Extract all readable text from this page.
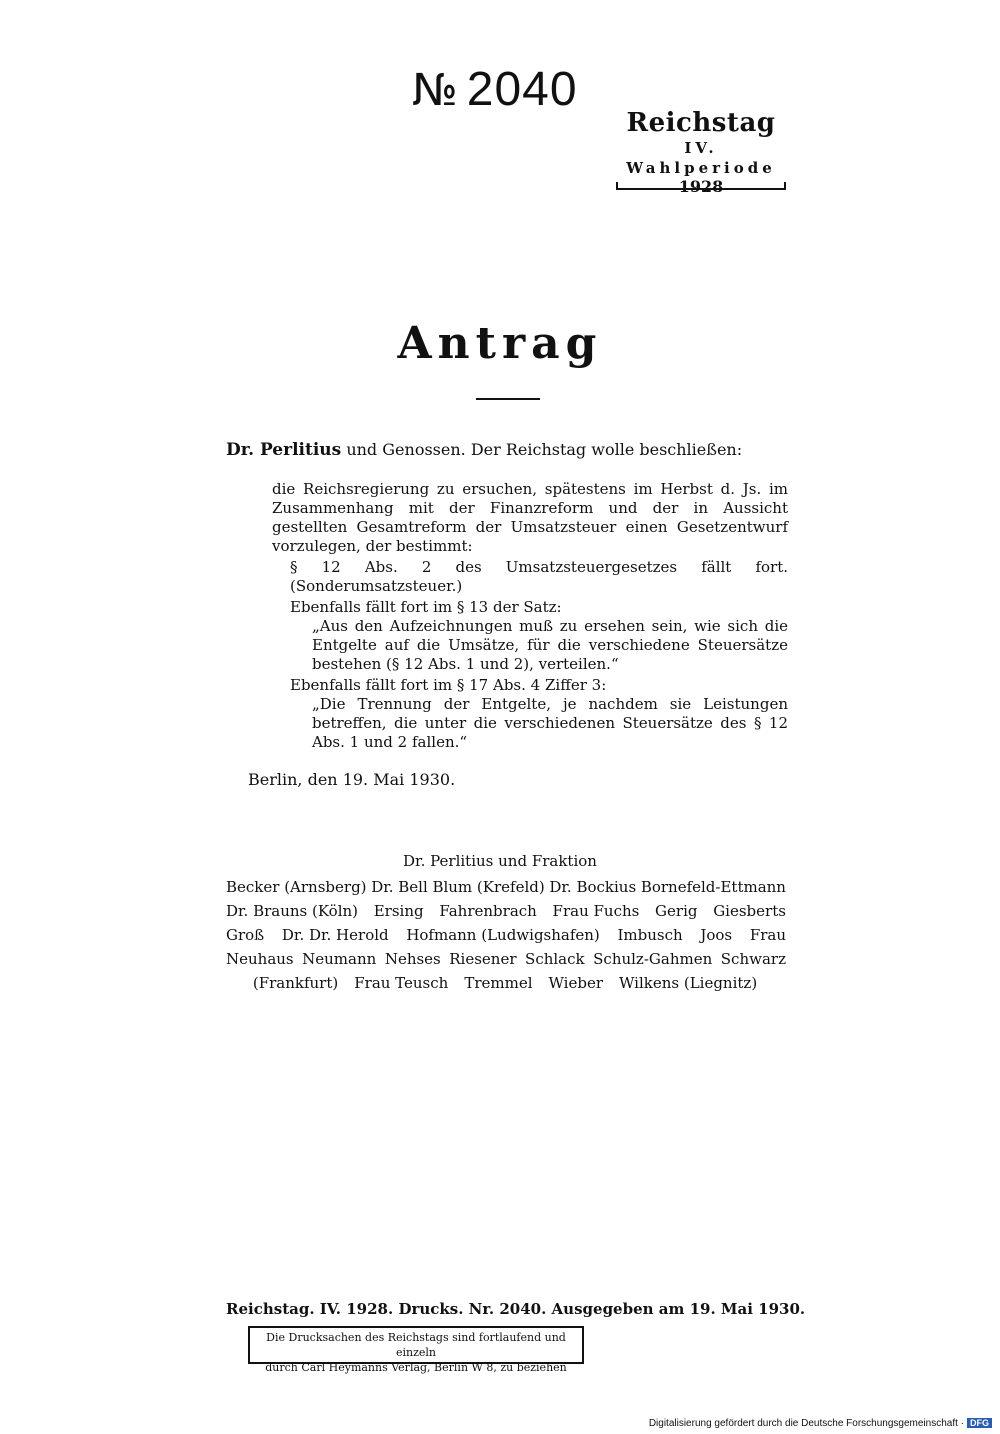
№ 2040
Reichstag
IV. Wahlperiode
1928
Antrag
Dr. Perlitius und Genossen. Der Reichstag wolle beschließen:
die Reichsregierung zu ersuchen, spätestens im Herbst d. Js. im Zusammenhang mit der Finanzreform und der in Aussicht gestellten Gesamtreform der Umsatzsteuer einen Gesetzentwurf vorzulegen, der bestimmt:
§ 12 Abs. 2 des Umsatzsteuergesetzes fällt fort. (Sonderumsatzsteuer.)
Ebenfalls fällt fort im § 13 der Satz:
„Aus den Aufzeichnungen muß zu ersehen sein, wie sich die Entgelte auf die Umsätze, für die verschiedene Steuersätze bestehen (§ 12 Abs. 1 und 2), verteilen.“
Ebenfalls fällt fort im § 17 Abs. 4 Ziffer 3:
„Die Trennung der Entgelte, je nachdem sie Leistungen betreffen, die unter die verschiedenen Steuersätze des § 12 Abs. 1 und 2 fallen.“
Berlin, den 19. Mai 1930.
Dr. Perlitius und Fraktion
Becker (Arnsberg) Dr. Bell Blum (Krefeld) Dr. Bockius Bornefeld-Ettmann
Dr. Brauns (Köln) Ersing Fahrenbrach Frau Fuchs Gerig Giesberts
Groß Dr. Dr. Herold Hofmann (Ludwigshafen) Imbusch Joos Frau
Neuhaus Neumann Nehses Riesener Schlack Schulz-Gahmen Schwarz
(Frankfurt) Frau Teusch Tremmel Wieber Wilkens (Liegnitz)
Reichstag. IV. 1928. Drucks. Nr. 2040. Ausgegeben am 19. Mai 1930.
Die Drucksachen des Reichstags sind fortlaufend und einzeln
durch Carl Heymanns Verlag, Berlin W 8, zu beziehen
Digitalisierung gefördert durch die Deutsche Forschungsgemeinschaft · DFG
